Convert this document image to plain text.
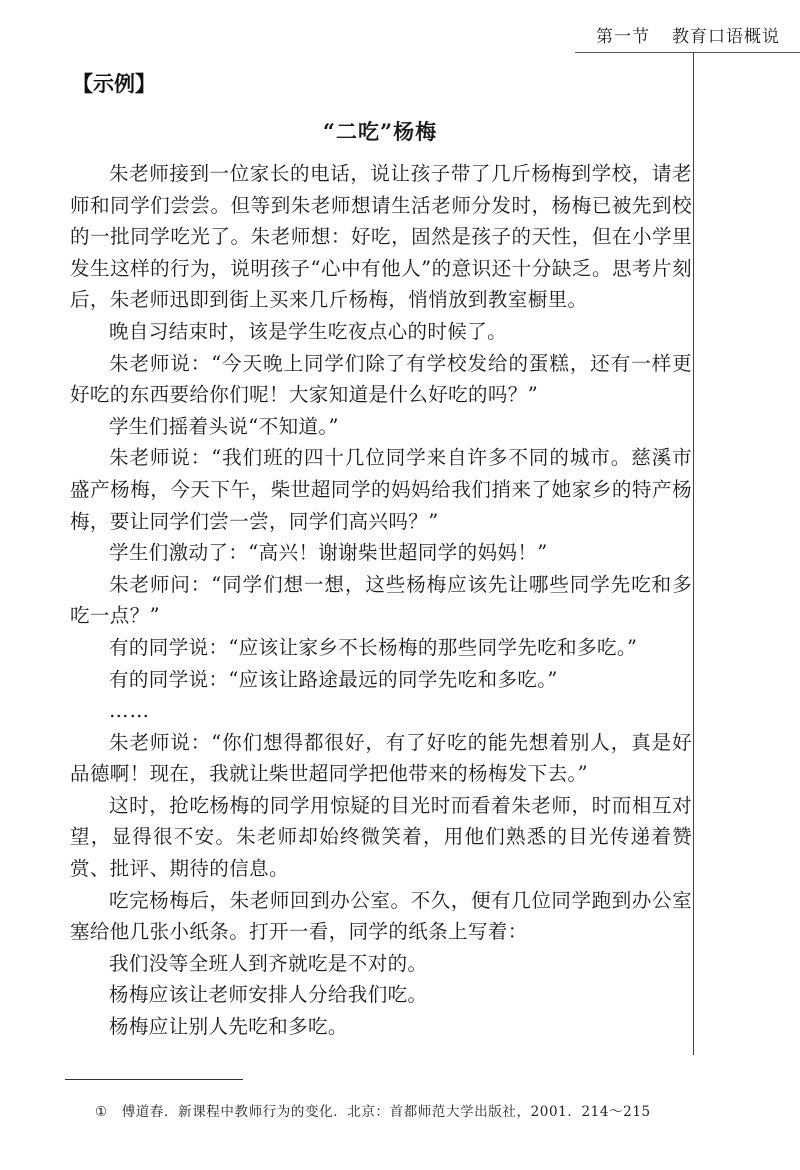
第一节 教育口语概说
【示例】
“二吃”杨梅

朱老师接到一位家长的电话，说让孩子带了几斤杨梅到学校，请老师和同学们尝尝。但等到朱老师想请生活老师分发时，杨梅已被先到校的一批同学吃光了。朱老师想：好吃，固然是孩子的天性，但在小学里发生这样的行为，说明孩子“心中有他人”的意识还十分缺乏。思考片刻后，朱老师迅即到街上买来几斤杨梅，悄悄放到教室橱里。

晚自习结束时，该是学生吃夜点心的时候了。

朱老师说：“今天晚上同学们除了有学校发给的蛋糕，还有一样更好吃的东西要给你们呢！大家知道是什么好吃的吗？”

学生们摇着头说“不知道。”

朱老师说：“我们班的四十几位同学来自许多不同的城市。慈溪市盛产杨梅，今天下午，柴世超同学的妈妈给我们捎来了她家乡的特产杨梅，要让同学们尝一尝，同学们高兴吗？”

学生们激动了：“高兴！谢谢柴世超同学的妈妈！”

朱老师问：“同学们想一想，这些杨梅应该先让哪些同学先吃和多吃一点？”

有的同学说：“应该让家乡不长杨梅的那些同学先吃和多吃。”

有的同学说：“应该让路途最远的同学先吃和多吃。”

……

朱老师说：“你们想得都很好，有了好吃的能先想着别人，真是好品德啊！现在，我就让柴世超同学把他带来的杨梅发下去。”

这时，抢吃杨梅的同学用惊疑的目光时而看着朱老师，时而相互对望，显得很不安。朱老师却始终微笑着，用他们熟悉的目光传递着赞赏、批评、期待的信息。

吃完杨梅后，朱老师回到办公室。不久，便有几位同学跑到办公室塞给他几张小纸条。打开一看，同学的纸条上写着：

我们没等全班人到齐就吃是不对的。

杨梅应该让老师安排人分给我们吃。

杨梅应让别人先吃和多吃。

① 傅道春．新课程中教师行为的变化．北京：首都师范大学出版社，2001．214～215
